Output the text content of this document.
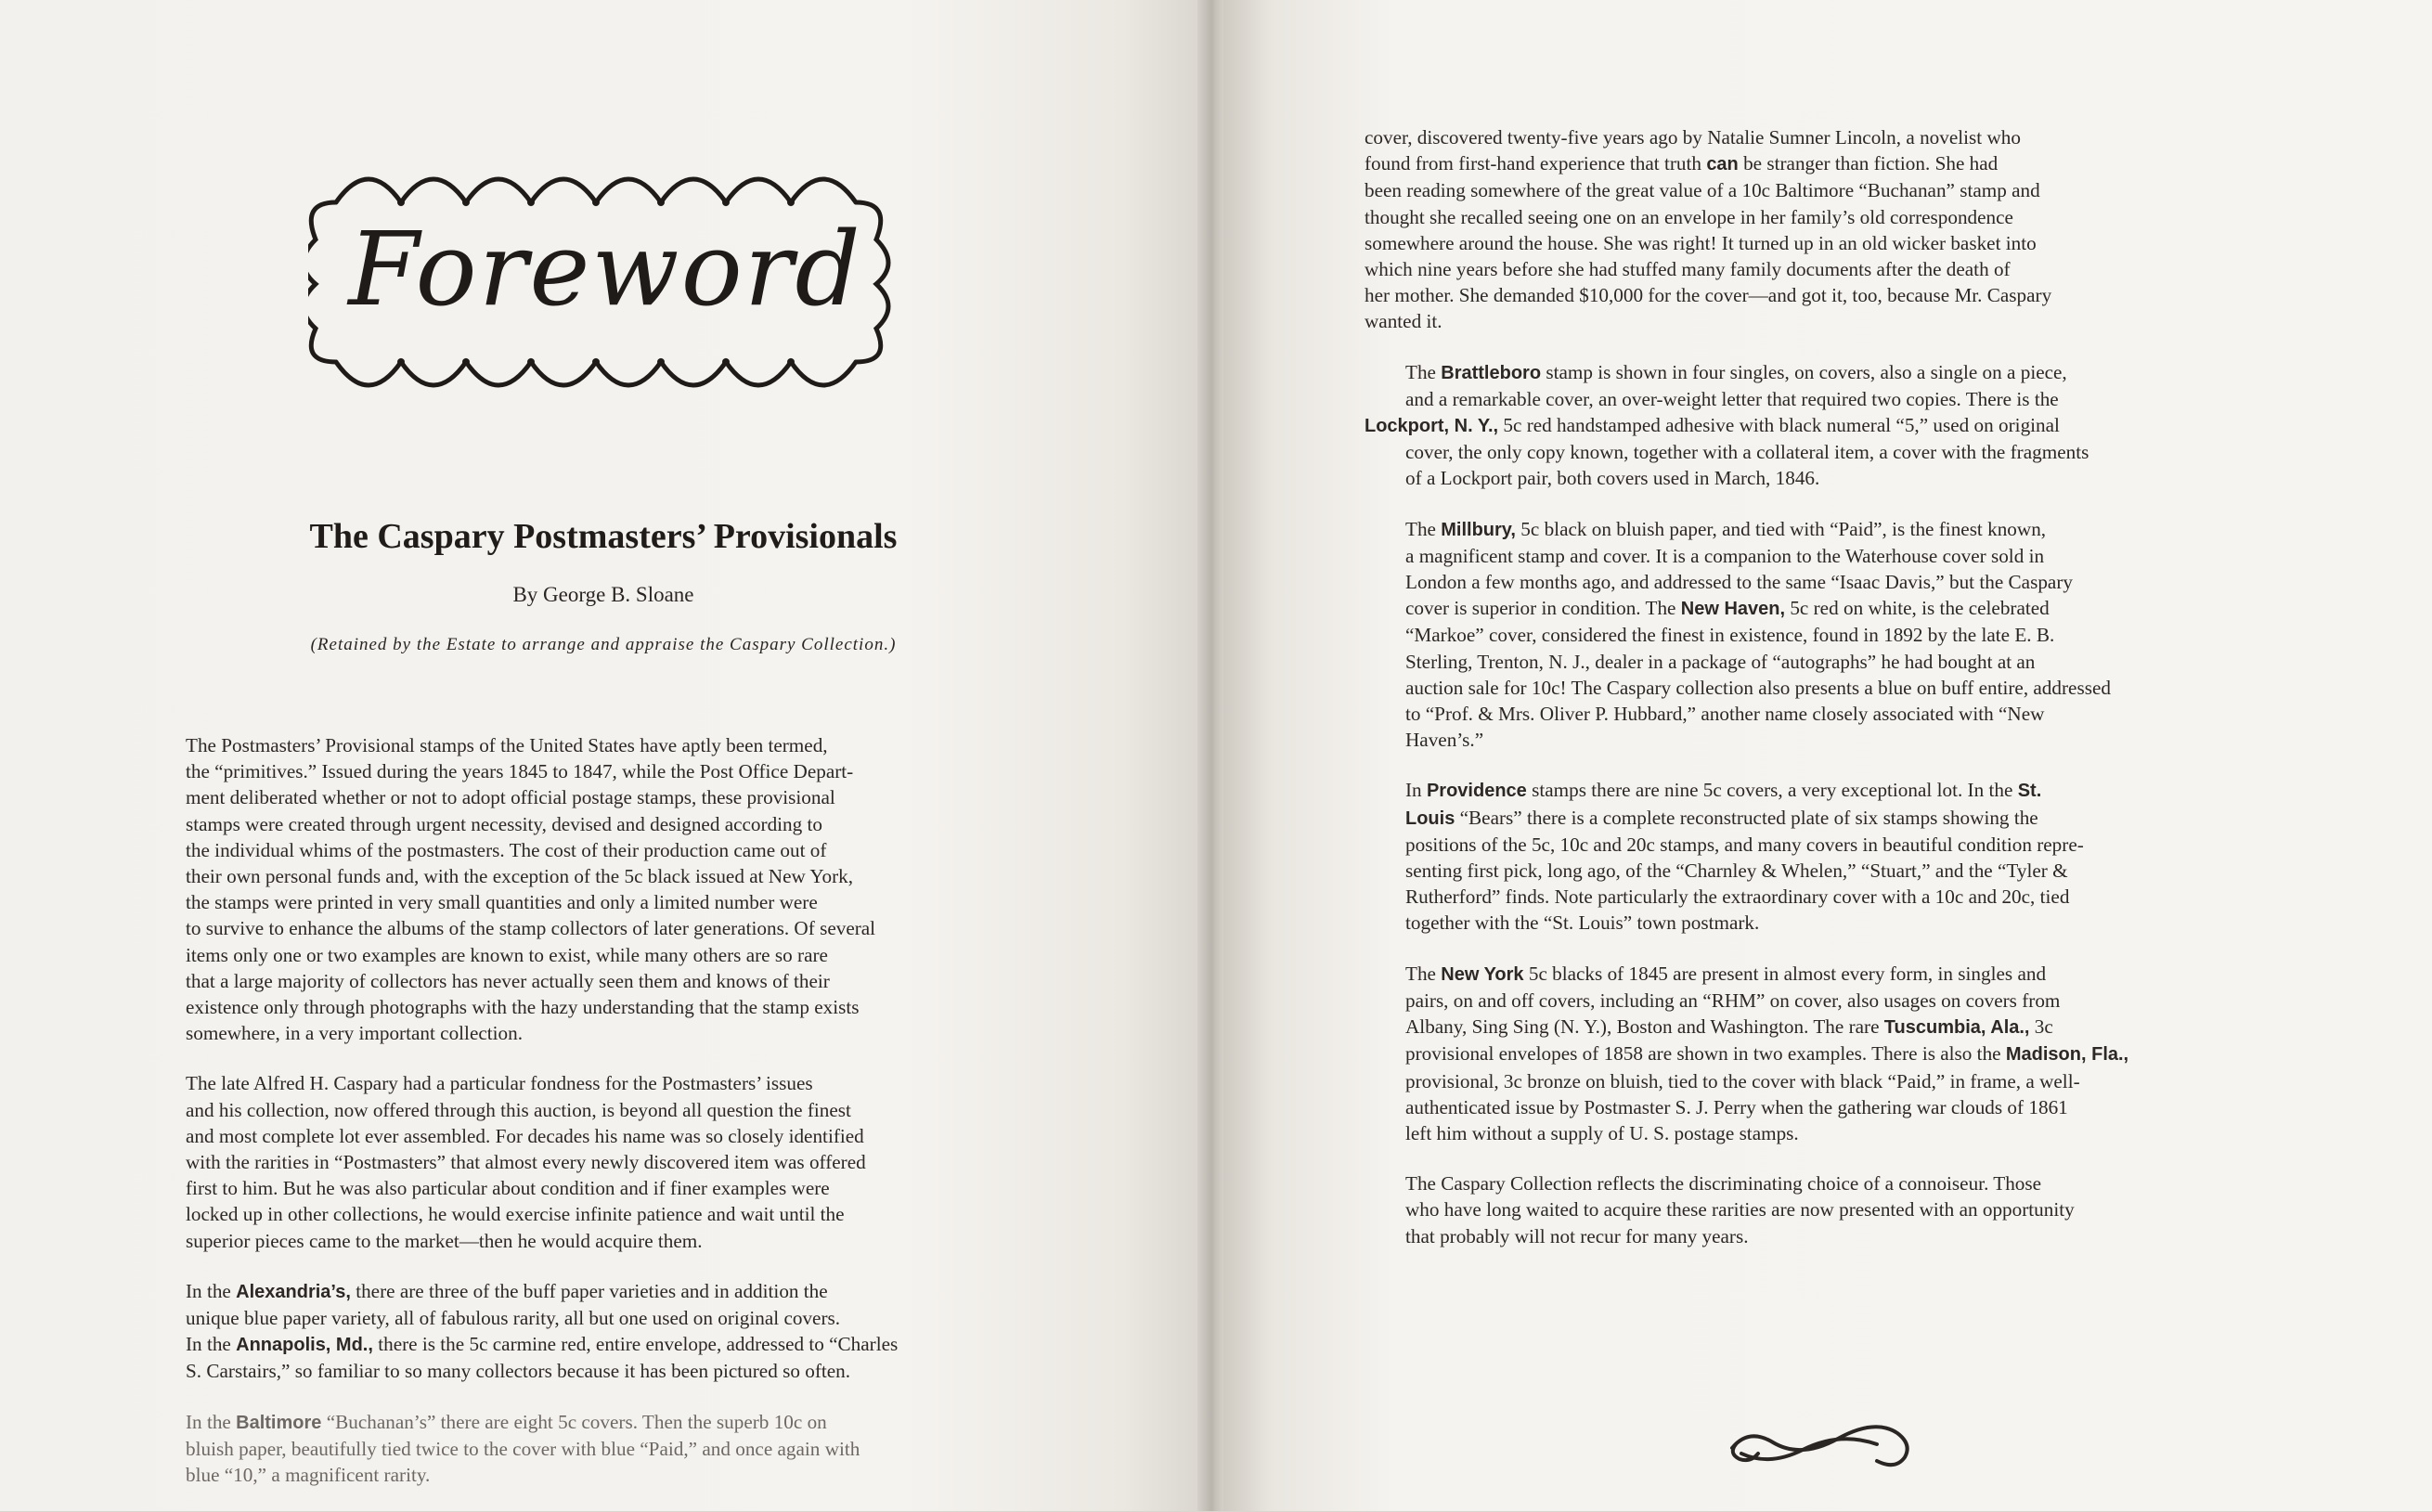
Foreword
The Caspary Postmasters’ Provisionals
By George B. Sloane
(Retained by the Estate to arrange and appraise the Caspary Collection.)

The Postmasters’ Provisional stamps of the United States have aptly been termed,
the “primitives.” Issued during the years 1845 to 1847, while the Post Office Depart-
ment deliberated whether or not to adopt official postage stamps, these provisional
stamps were created through urgent necessity, devised and designed according to
the individual whims of the postmasters. The cost of their production came out of
their own personal funds and, with the exception of the 5c black issued at New York,
the stamps were printed in very small quantities and only a limited number were
to survive to enhance the albums of the stamp collectors of later generations. Of several
items only one or two examples are known to exist, while many others are so rare
that a large majority of collectors has never actually seen them and knows of their
existence only through photographs with the hazy understanding that the stamp exists
somewhere, in a very important collection.

The late Alfred H. Caspary had a particular fondness for the Postmasters’ issues
and his collection, now offered through this auction, is beyond all question the finest
and most complete lot ever assembled. For decades his name was so closely identified
with the rarities in “Postmasters” that almost every newly discovered item was offered
first to him. But he was also particular about condition and if finer examples were
locked up in other collections, he would exercise infinite patience and wait until the
superior pieces came to the market—then he would acquire them.

In the Alexandria’s, there are three of the buff paper varieties and in addition the
unique blue paper variety, all of fabulous rarity, all but one used on original covers.
In the Annapolis, Md., there is the 5c carmine red, entire envelope, addressed to “Charles
S. Carstairs,” so familiar to so many collectors because it has been pictured so often.

In the Baltimore “Buchanan’s” there are eight 5c covers. Then the superb 10c on
bluish paper, beautifully tied twice to the cover with blue “Paid,” and once again with
blue “10,” a magnificent rarity.

cover, discovered twenty-five years ago by Natalie Sumner Lincoln, a novelist who
found from first-hand experience that truth can be stranger than fiction. She had
been reading somewhere of the great value of a 10c Baltimore “Buchanan” stamp and
thought she recalled seeing one on an envelope in her family’s old correspondence
somewhere around the house. She was right! It turned up in an old wicker basket into
which nine years before she had stuffed many family documents after the death of
her mother. She demanded $10,000 for the cover—and got it, too, because Mr. Caspary
wanted it.

The Brattleboro stamp is shown in four singles, on covers, also a single on a piece,
and a remarkable cover, an over-weight letter that required two copies. There is the
Lockport, N. Y., 5c red handstamped adhesive with black numeral “5,” used on original
cover, the only copy known, together with a collateral item, a cover with the fragments
of a Lockport pair, both covers used in March, 1846.

The Millbury, 5c black on bluish paper, and tied with “Paid”, is the finest known,
a magnificent stamp and cover. It is a companion to the Waterhouse cover sold in
London a few months ago, and addressed to the same “Isaac Davis,” but the Caspary
cover is superior in condition. The New Haven, 5c red on white, is the celebrated
“Markoe” cover, considered the finest in existence, found in 1892 by the late E. B.
Sterling, Trenton, N. J., dealer in a package of “autographs” he had bought at an
auction sale for 10c! The Caspary collection also presents a blue on buff entire, addressed
to “Prof. & Mrs. Oliver P. Hubbard,” another name closely associated with “New
Haven’s.”

In Providence stamps there are nine 5c covers, a very exceptional lot. In the St.
Louis “Bears” there is a complete reconstructed plate of six stamps showing the
positions of the 5c, 10c and 20c stamps, and many covers in beautiful condition repre-
senting first pick, long ago, of the “Charnley & Whelen,” “Stuart,” and the “Tyler &
Rutherford” finds. Note particularly the extraordinary cover with a 10c and 20c, tied
together with the “St. Louis” town postmark.

The New York 5c blacks of 1845 are present in almost every form, in singles and
pairs, on and off covers, including an “RHM” on cover, also usages on covers from
Albany, Sing Sing (N. Y.), Boston and Washington. The rare Tuscumbia, Ala., 3c
provisional envelopes of 1858 are shown in two examples. There is also the Madison, Fla.,
provisional, 3c bronze on bluish, tied to the cover with black “Paid,” in frame, a well-
authenticated issue by Postmaster S. J. Perry when the gathering war clouds of 1861
left him without a supply of U. S. postage stamps.

The Caspary Collection reflects the discriminating choice of a connoiseur. Those
who have long waited to acquire these rarities are now presented with an opportunity
that probably will not recur for many years.
